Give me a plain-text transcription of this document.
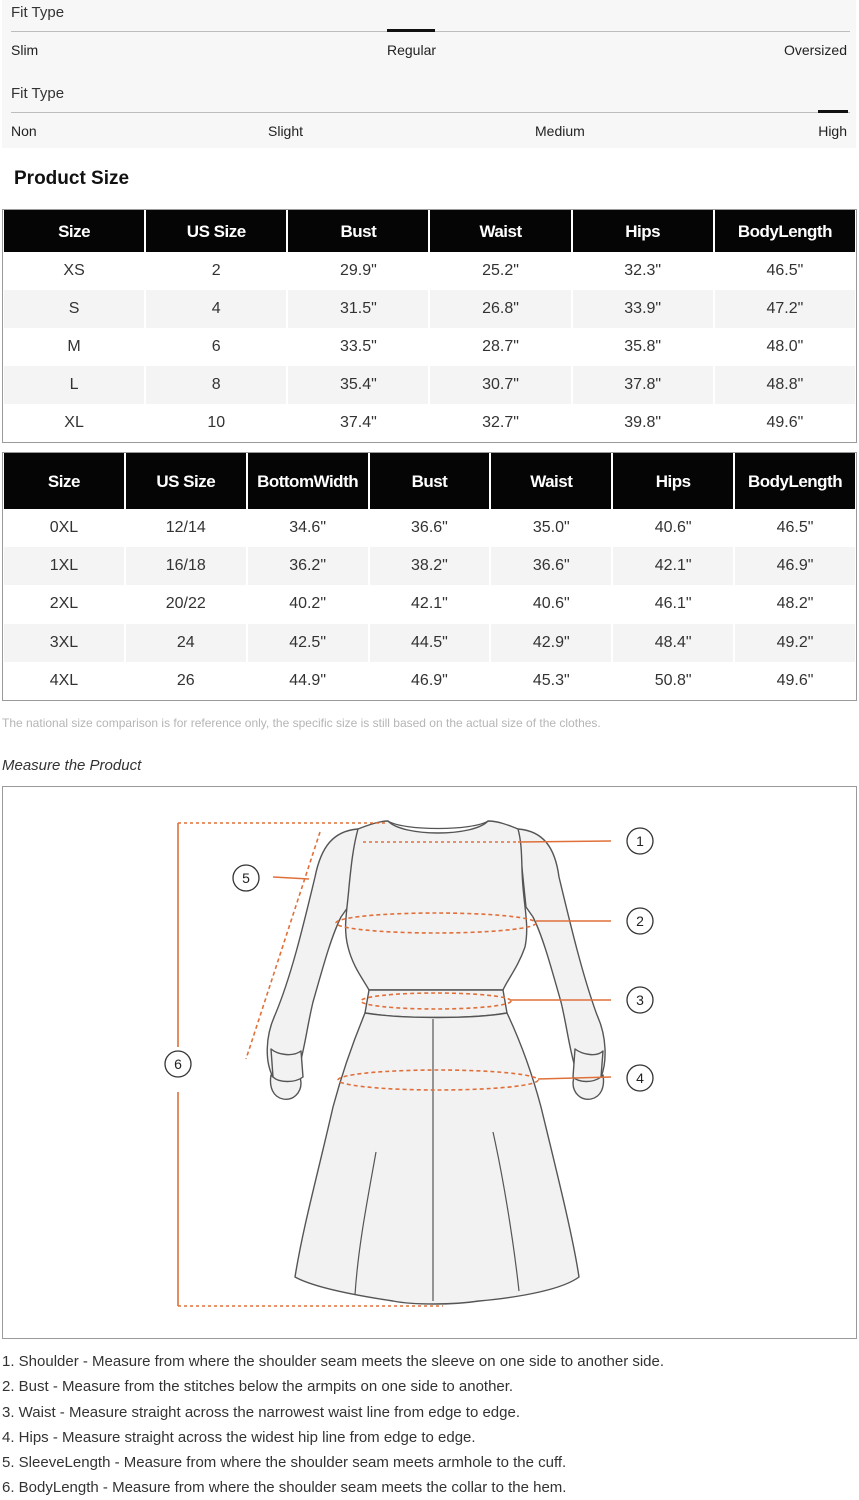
Fit Type
Slim	Regular	Oversized
Fit Type
Non	Slight	Medium	High
Product Size
Size	US Size	Bust	Waist	Hips	BodyLength
XS	2	29.9"	25.2"	32.3"	46.5"
S	4	31.5"	26.8"	33.9"	47.2"
M	6	33.5"	28.7"	35.8"	48.0"
L	8	35.4"	30.7"	37.8"	48.8"
XL	10	37.4"	32.7"	39.8"	49.6"
Size	US Size	BottomWidth	Bust	Waist	Hips	BodyLength
0XL	12/14	34.6"	36.6"	35.0"	40.6"	46.5"
1XL	16/18	36.2"	38.2"	36.6"	42.1"	46.9"
2XL	20/22	40.2"	42.1"	40.6"	46.1"	48.2"
3XL	24	42.5"	44.5"	42.9"	48.4"	49.2"
4XL	26	44.9"	46.9"	45.3"	50.8"	49.6"
The national size comparison is for reference only, the specific size is still based on the actual size of the clothes.
Measure the Product
1
2
3
4
5
6
1. Shoulder - Measure from where the shoulder seam meets the sleeve on one side to another side.
2. Bust - Measure from the stitches below the armpits on one side to another.
3. Waist - Measure straight across the narrowest waist line from edge to edge.
4. Hips - Measure straight across the widest hip line from edge to edge.
5. SleeveLength - Measure from where the shoulder seam meets armhole to the cuff.
6. BodyLength - Measure from where the shoulder seam meets the collar to the hem.
